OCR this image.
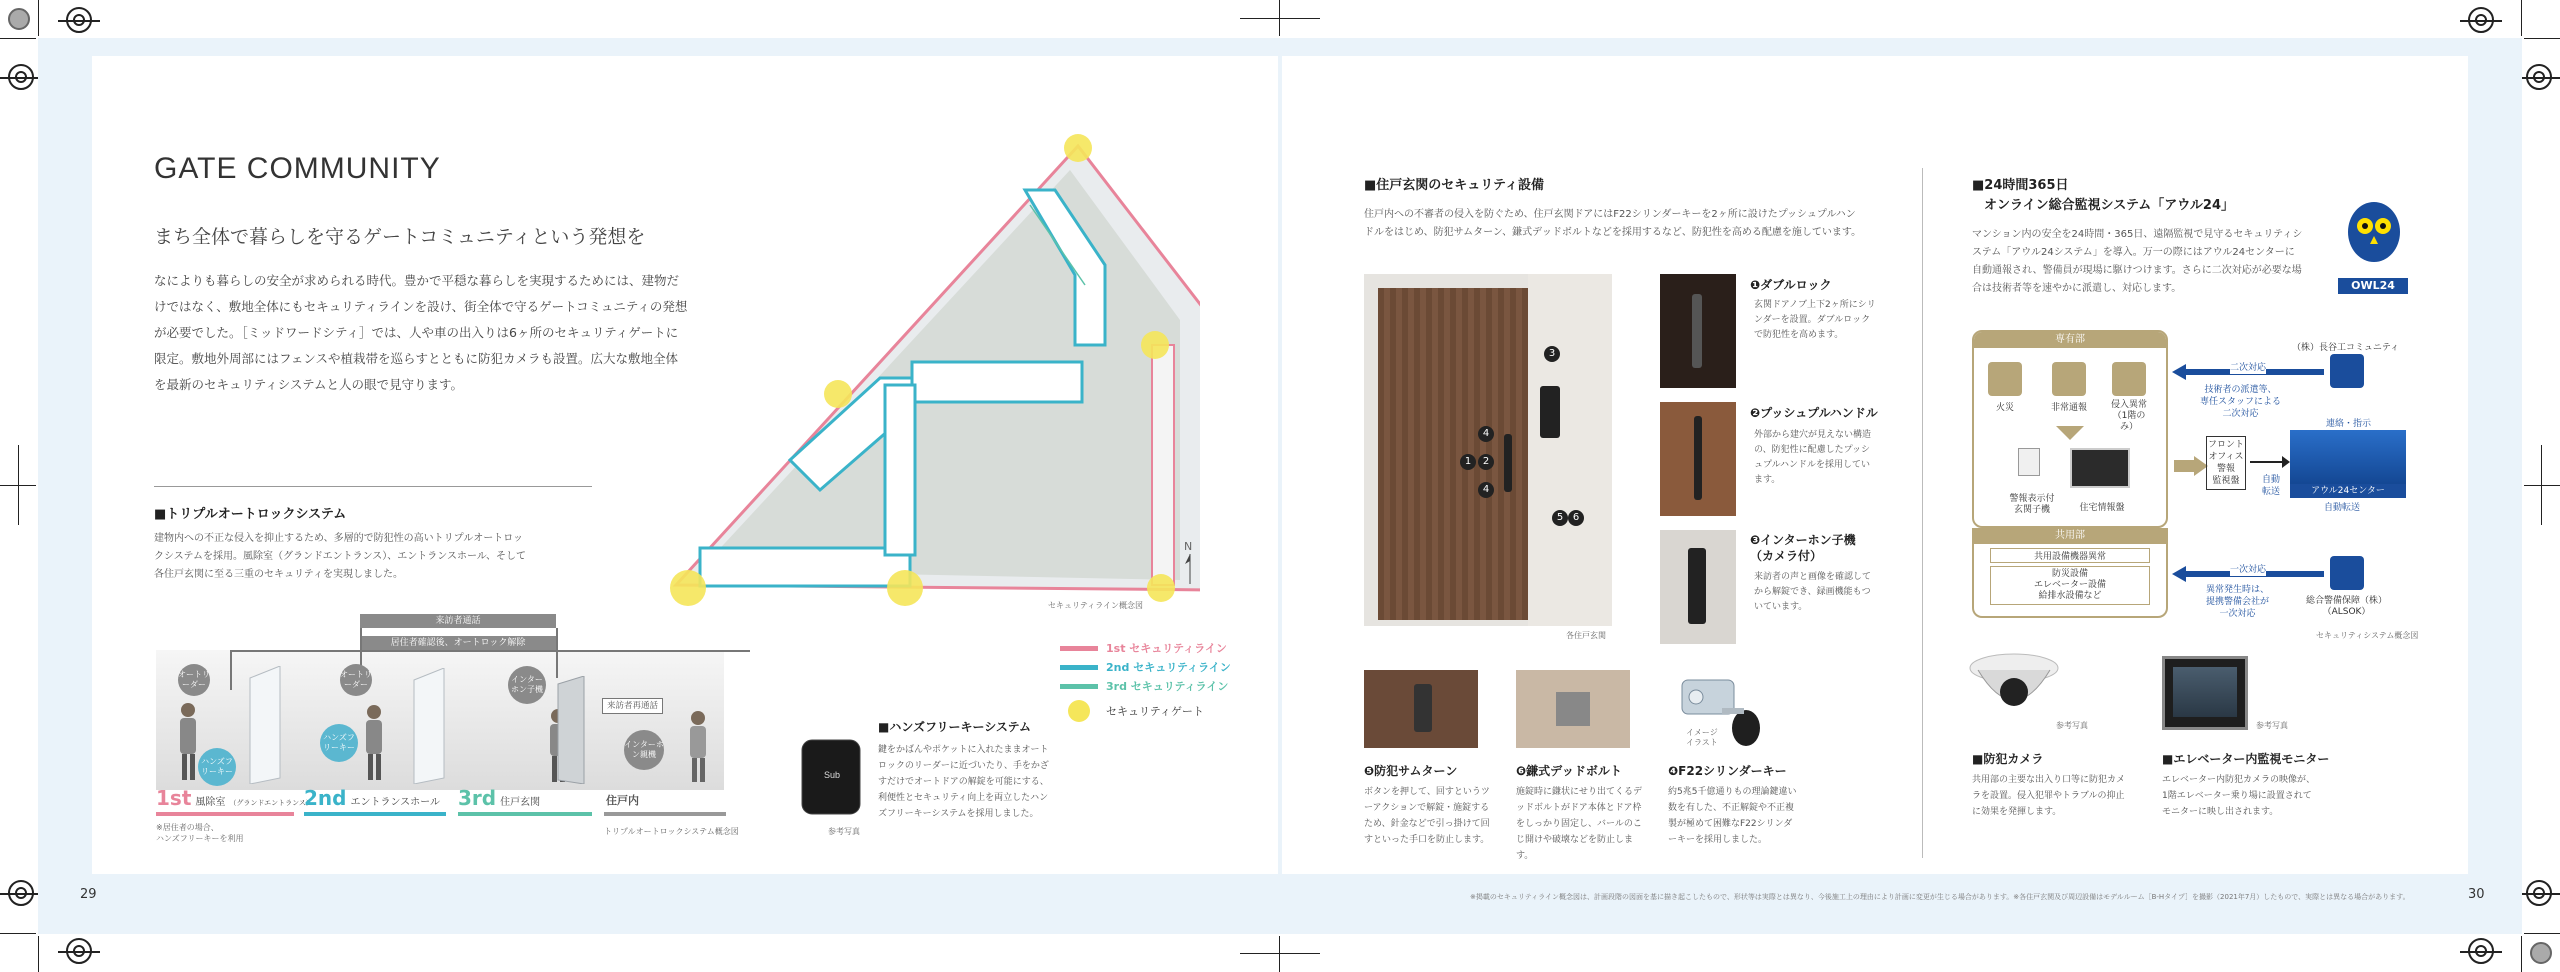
GATE COMMUNITY
まち全体で暮らしを守るゲートコミュニティという発想を
なによりも暮らしの安全が求められる時代。豊かで平穏な暮らしを実現するためには、建物だけではなく、敷地全体にもセキュリティラインを設け、街全体で守るゲートコミュニティの発想が必要でした。［ミッドワードシティ］では、人や車の出入りは6ヶ所のセキュリティゲートに限定。敷地外周部にはフェンスや植栽帯を巡らすとともに防犯カメラも設置。広大な敷地全体を最新のセキュリティシステムと人の眼で見守ります。
N
セキュリティライン概念図
1st セキュリティライン
2nd セキュリティライン
3rd セキュリティライン
セキュリティゲート
■トリプルオートロックシステム
建物内への不正な侵入を抑止するため、多層的で防犯性の高いトリプルオートロックシステムを採用。風除室（グランドエントランス）、エントランスホール、そして各住戸玄関に至る三重のセキュリティを実現しました。
来訪者通話
居住者確認後、オートロック解除
来訪者再通話
オートリーダー
ハンズフリーキー
オートリーダー
ハンズフリーキー
インターホン子機
インターホン親機
1st 風除室 （グランドエントランス）
2nd エントランスホール 3rd 住戸玄関	住戸内
※居住者の場合、
ハンズフリーキーを利用
トリプルオートロックシステム概念図
Sub
参考写真
■ハンズフリーキーシステム
鍵をかばんやポケットに入れたままオートロックのリーダーに近づいたり、手をかざすだけでオートドアの解錠を可能にする、利便性とセキュリティ向上を両立したハンズフリーキーシステムを採用しました。
29
■住戸玄関のセキュリティ設備
住戸内への不審者の侵入を防ぐため、住戸玄関ドアにはF22シリンダーキーを2ヶ所に設けたプッシュプルハンドルをはじめ、防犯サムターン、鎌式デッドボルトなどを採用するなど、防犯性を高める配慮を施しています。
3
4
1	2
4
5 6
各住戸玄関
❶ダブルロック
玄関ドアノブ上下2ヶ所にシリンダーを設置。ダブルロックで防犯性を高めます。
❷プッシュプルハンドル
外部から建穴が見えない構造の、防犯性に配慮したプッシュプルハンドルを採用しています。
❸インターホン子機
（カメラ付）
来訪者の声と画像を確認してから解錠でき、録画機能もついています。
イメージ
イラスト
❺防犯サムターン
ボタンを押して、回すというツーアクションで解錠・施錠するため、針金などで引っ掛けて回すといった手口を防止します。
❻鎌式デッドボルト
施錠時に鎌状にせり出てくるデッドボルトがドア本体とドア枠をしっかり固定し、バールのこじ開けや破壊などを防止します。
❹F22シリンダーキー
約5兆5千億通りもの理論鍵違い数を有した、不正解錠や不正複製が極めて困難なF22シリンダーキーを採用しました。
■24時間365日
オンライン総合監視システム「アウル24」
マンション内の安全を24時間・365日、遠隔監視で見守るセキュリティシステム「アウル24システム」を導入。万一の際にはアウル24センターに自動通報され、警備員が現場に駆けつけます。さらに二次対応が必要な場合は技術者等を速やかに派遣し、対応します。	OWL24
専有部
火災	非常通報	侵入異常
（1階のみ）
警報表示付
玄関子機	住宅情報盤
共用部
共用設備機器異常
防災設備
エレベーター設備
給排水設備など
フロント
オフィス
警報
監視盤	自動
転送	アウル24センター
自動転送
連絡・指示
二次対応
技術者の派遣等、
専任スタッフによる
二次対応
（株）長谷工コミュニティ
一次対応
異常発生時は、
提携警備会社が
一次対応
総合警備保障（株）
（ALSOK）
セキュリティシステム概念図
参考写真
■防犯カメラ
共用部の主要な出入り口等に防犯カメラを設置。侵入犯罪やトラブルの抑止に効果を発揮します。
参考写真
■エレベーター内監視モニター
エレベーター内防犯カメラの映像が、1階エレベーター乗り場に設置されてモニターに映し出されます。
※掲載のセキュリティライン概念図は、計画段階の図面を基に描き起こしたもので、形状等は実際とは異なり、今後施工上の理由により計画に変更が生じる場合があります。※各住戸玄関及び周辺設備はモデルルーム［B-Hタイプ］を撮影（2021年7月）したもので、実際とは異なる場合があります。	30
